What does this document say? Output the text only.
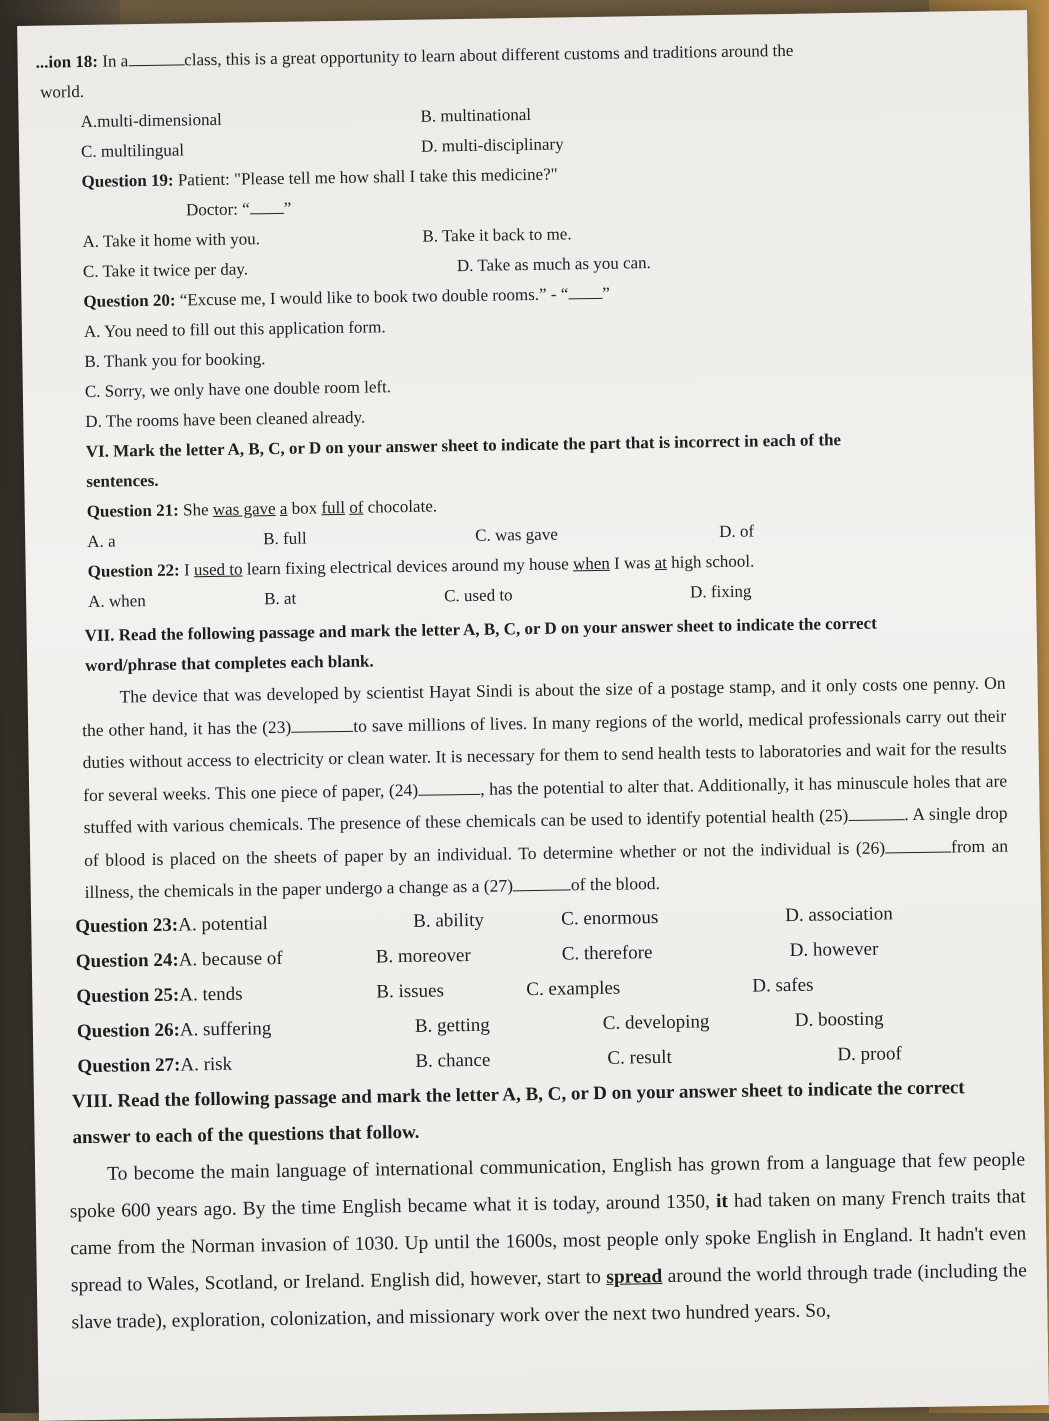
...ion 18: In a	class, this is a great opportunity to learn about different customs and traditions around the
world.
A.multi-dimensional	B. multinational
C. multilingual	D. multi-disciplinary
Question 19: Patient: "Please tell me how shall I take this medicine?"
Doctor: “ ”
A. Take it home with you.	B. Take it back to me.
C. Take it twice per day.	D. Take as much as you can.
Question 20: “Excuse me, I would like to book two double rooms.” - “ ”
A. You need to fill out this application form.
B. Thank you for booking.
C. Sorry, we only have one double room left.
D. The rooms have been cleaned already.
VI. Mark the letter A, B, C, or D on your answer sheet to indicate the part that is incorrect in each of the
sentences.
Question 21: She was gave a box full of chocolate.
A. a	B. full	C. was gave	D. of
Question 22: I used to learn fixing electrical devices around my house when I was at high school.
A. when	B. at	C. used to	D. fixing
VII. Read the following passage and mark the letter A, B, C, or D on your answer sheet to indicate the correct
word/phrase that completes each blank.

The device that was developed by scientist Hayat Sindi is about the size of a postage stamp, and it only costs one penny. On the other hand, it has the (23)	to save millions of lives. In many regions of the world, medical professionals carry out their duties without access to electricity or clean water. It is necessary for them to send health tests to laboratories and wait for the results for several weeks. This one piece of paper, (24)	, has the potential to alter that. Additionally, it has minuscule holes that are stuffed with various chemicals. The presence of these chemicals can be used to identify potential health (25)	. A single drop of blood is placed on the sheets of paper by an individual. To determine whether or not the individual is (26)	from an illness, the chemicals in the paper undergo a change as a (27)	of the blood.

Question 23:A. potential	B. ability	C. enormous	D. association
Question 24:A. because of	B. moreover	C. therefore	D. however
Question 25:A. tends	B. issues	C. examples	D. safes
Question 26:A. suffering	B. getting	C. developing	D. boosting
Question 27:A. risk	B. chance	C. result	D. proof
VIII. Read the following passage and mark the letter A, B, C, or D on your answer sheet to indicate the correct
answer to each of the questions that follow.

To become the main language of international communication, English has grown from a language that few people spoke 600 years ago. By the time English became what it is today, around 1350, it had taken on many French traits that came from the Norman invasion of 1030. Up until the 1600s, most people only spoke English in England. It hadn't even spread to Wales, Scotland, or Ireland. English did, however, start to spread around the world through trade (including the slave trade), exploration, colonization, and missionary work over the next two hundred years. So,
